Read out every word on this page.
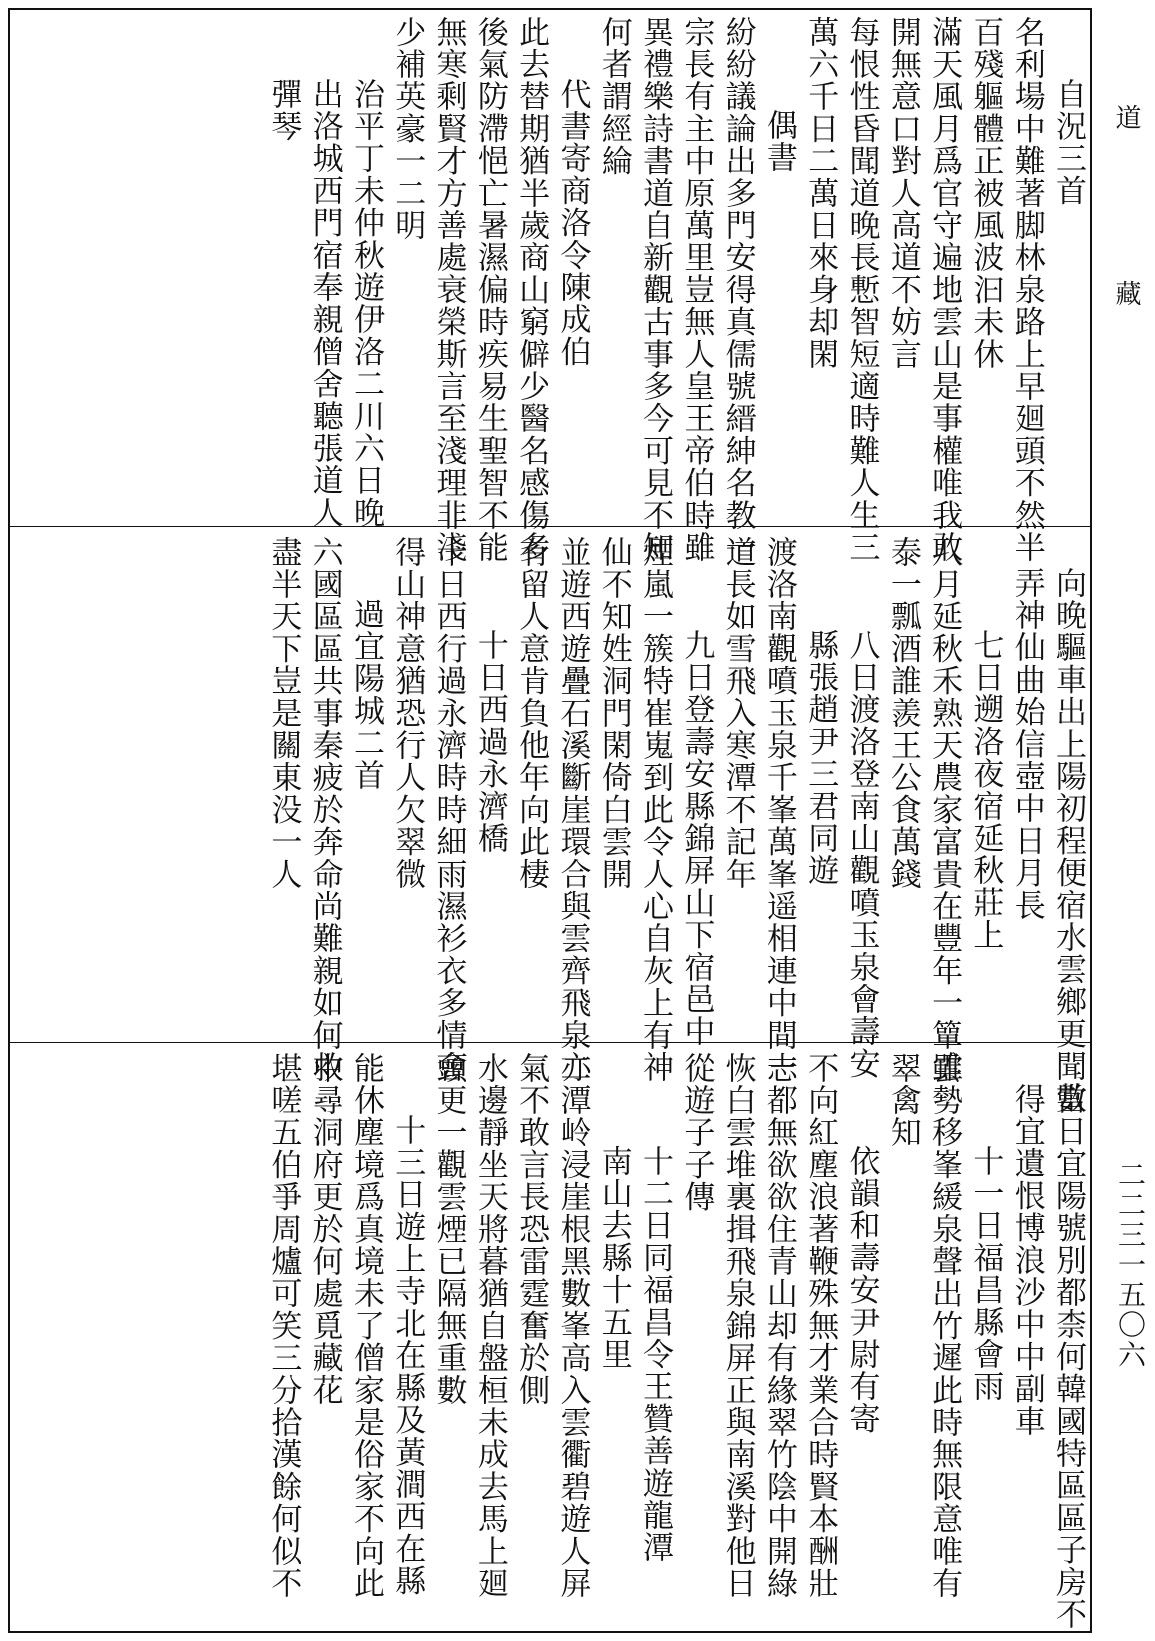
自況三首
名利場中難著脚林泉路上早廻頭不然半
百殘軀體正被風波汩未休
滿天風月爲官守遍地雲山是事權唯我敢
開無意口對人高道不妨言
每恨性昏聞道晚長慙智短適時難人生三
萬六千日二萬日來身却閑
偶書
紛紛議論出多門安得真儒號縉紳名教一
宗長有主中原萬里豈無人皇王帝伯時雖
異禮樂詩書道自新觀古事多今可見不知
何者謂經綸
代書寄商洛令陳成伯
此去替期猶半歲商山窮僻少醫名感傷多
後氣防滯悒亡暑濕偏時疾易生聖智不能
無寒剩賢才方善處衰榮斯言至淺理非淺
少補英豪一二明
治平丁未仲秋遊伊洛二川六日晚
出洛城西門宿奉親僧舍聽張道人
彈琴
向晚驅車出上陽初程便宿水雲鄉更聞數
弄神仙曲始信壺中日月長
七日遡洛夜宿延秋莊上
八月延秋禾熟天農家富貴在豐年一簞雖
泰一瓢酒誰羨王公食萬錢
八日渡洛登南山觀噴玉泉會壽安
縣張趙尹三君同遊
渡洛南觀噴玉泉千峯萬峯遥相連中間一
道長如雪飛入寒潭不記年
九日登壽安縣錦屏山下宿邑中
煙嵐一簇特崔嵬到此令人心自灰上有神
仙不知姓洞門閑倚白雲開
並遊西遊疊石溪斷崖環合與雲齊飛泉亦
有留人意肯負他年向此棲
十日西過永濟橋
十日西行過永濟時時細雨濕衫衣多情會
得山神意猶恐行人欠翠微
過宜陽城二首
六國區區共事秦疲於奔命尚難親如何救
盡半天下豈是關東没一人
當日宜陽號別都柰何韓國特區區子房不
得宜遺恨博浪沙中中副車
十一日福昌縣會雨
雲勢移峯緩泉聲出竹遲此時無限意唯有
翠禽知
依韻和壽安尹尉有寄
不向紅塵浪著鞭殊無才業合時賢本酬壯
志都無欲欲住青山却有緣翠竹陰中開綠
恢白雲堆裏揖飛泉錦屏正與南溪對他日
從遊子子傳
十二日同福昌令王贊善遊龍潭
南山去縣十五里
二潭岭浸崖根黑數峯高入雲衢碧遊人屏
氣不敢言長恐雷霆奮於側
水邊靜坐天將暮猶自盤桓未成去馬上廻
頭更一觀雲煙已隔無重數
十三日遊上寺北在縣及黃澗西在縣
能休塵境爲真境未了僧家是俗家不向此
中尋洞府更於何處覓藏花
堪嗟五伯爭周爐可笑三分拾漢餘何似不
道藏
二二三一五〇六
